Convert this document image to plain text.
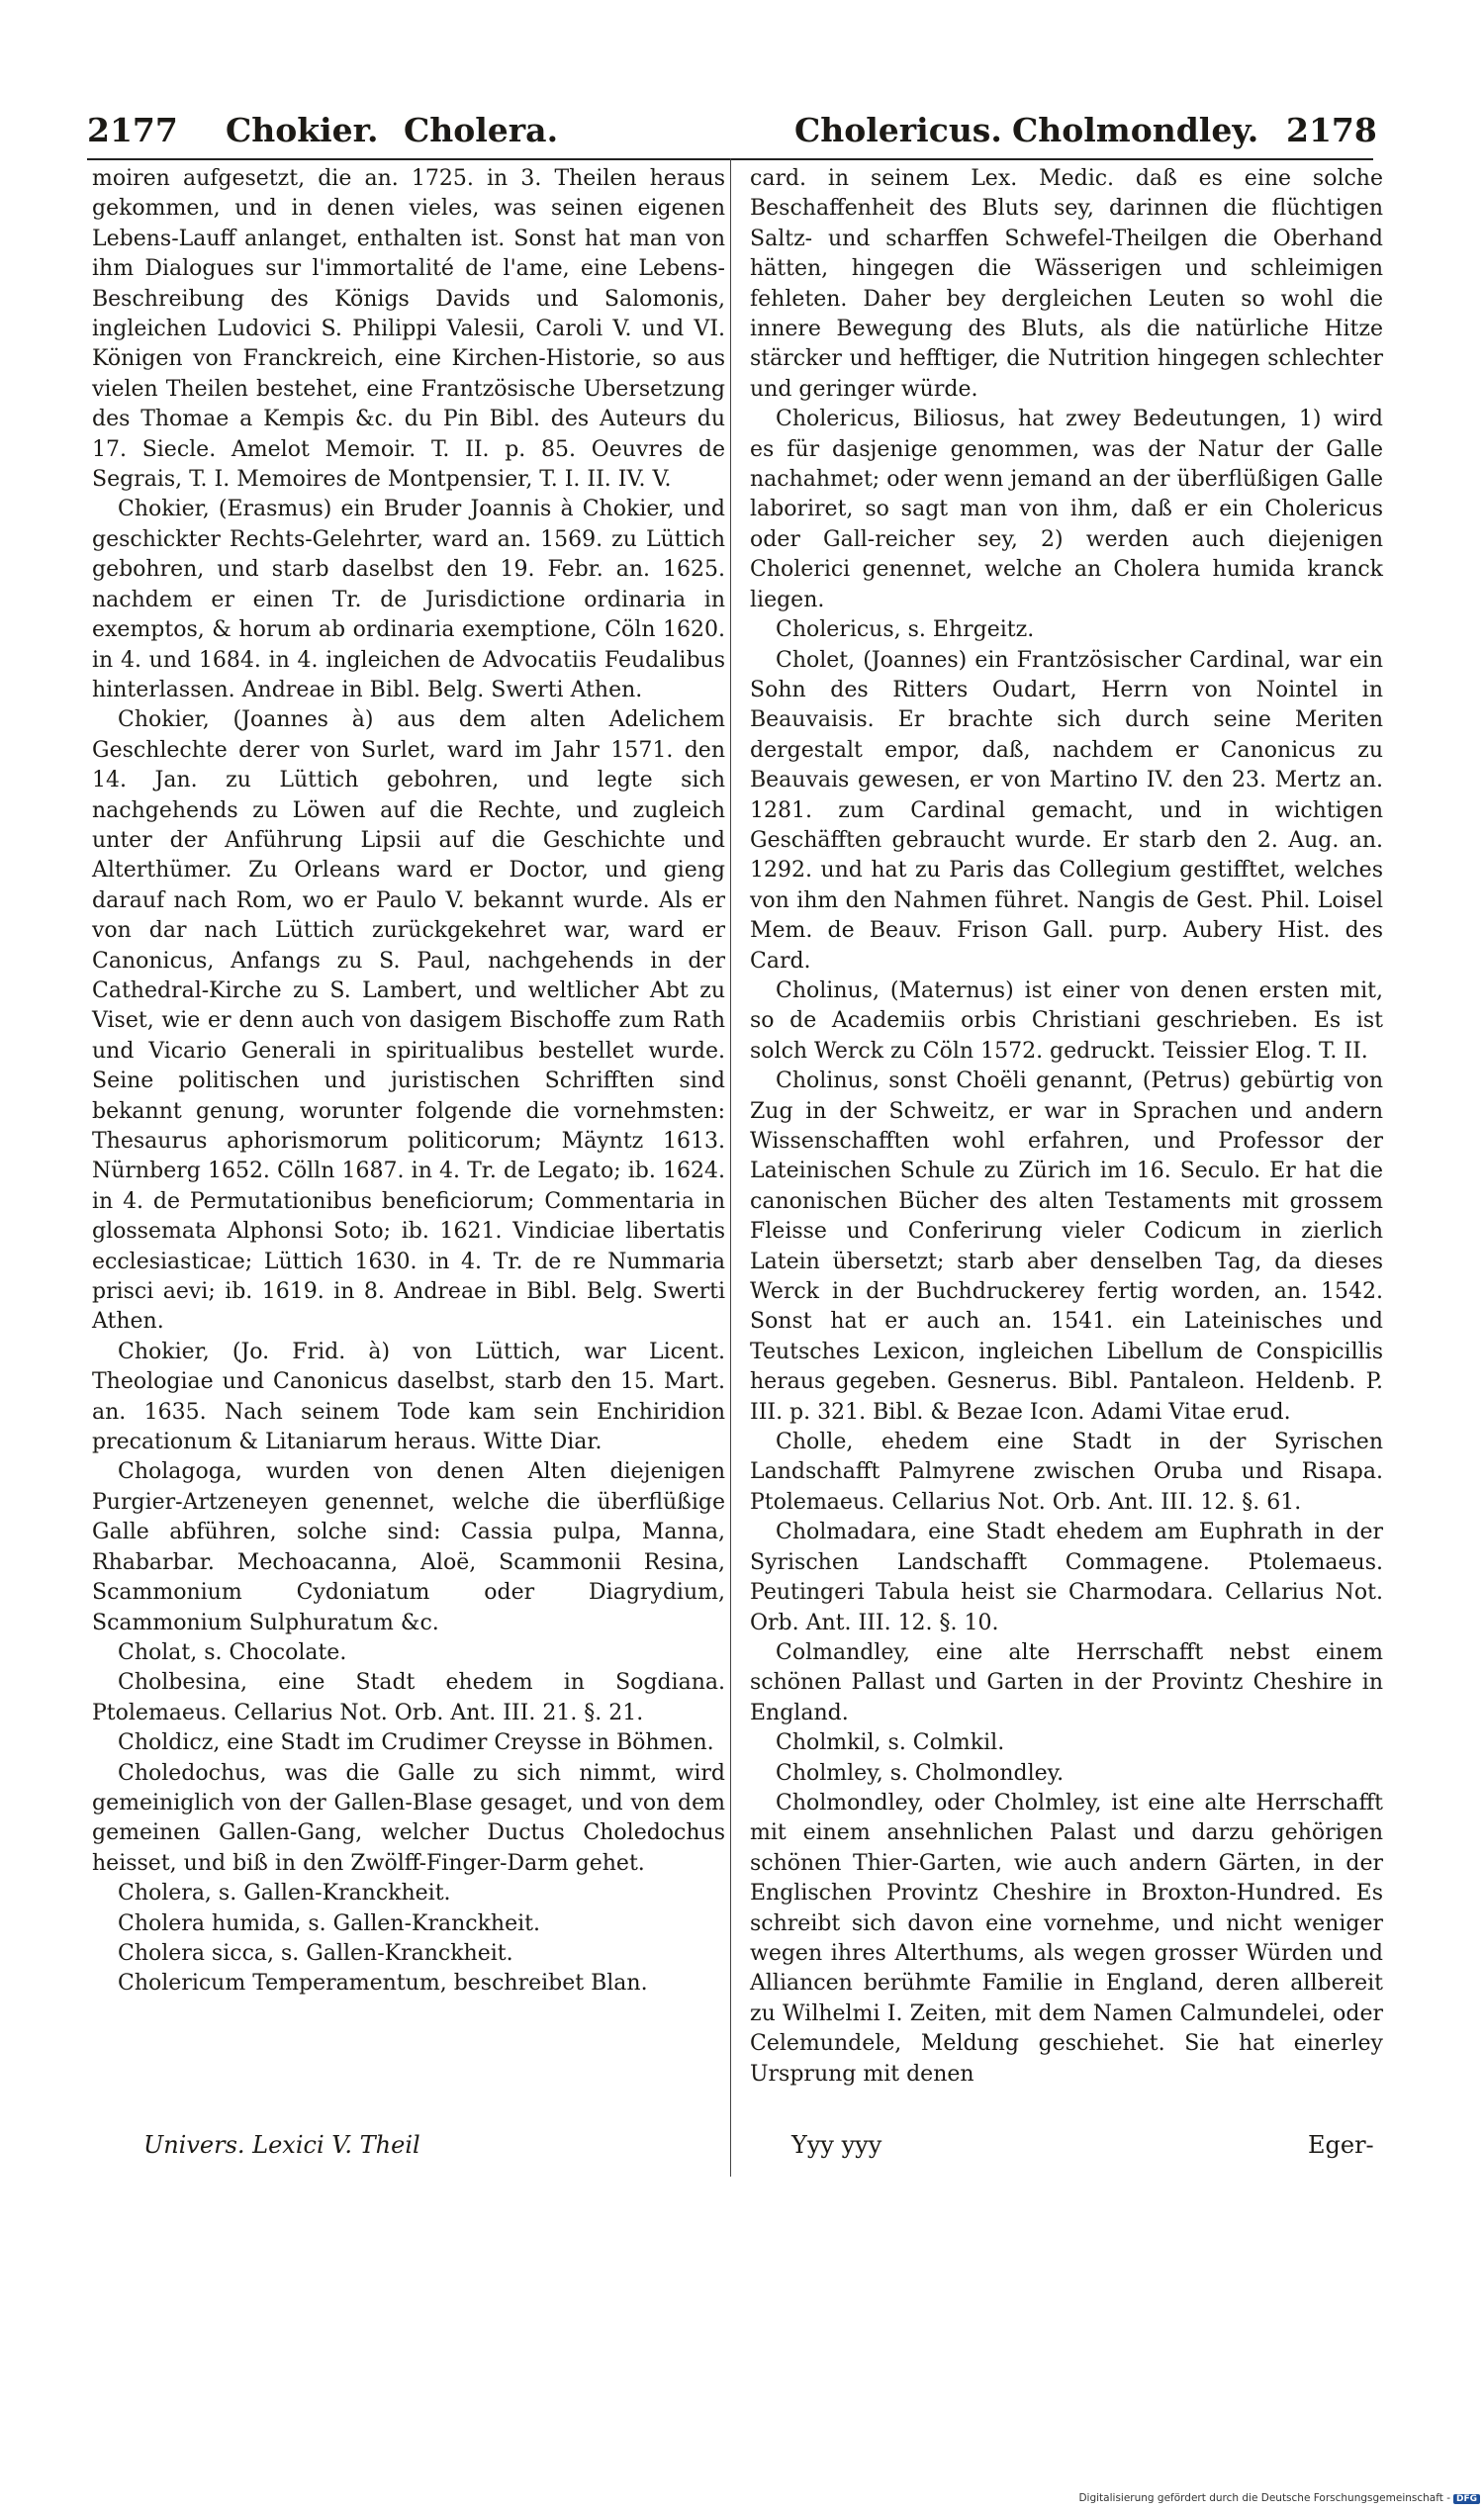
2177 Chokier. Cholera.	Cholericus. Cholmondley. 2178

moiren aufgesetzt, die an. 1725. in 3. Theilen heraus gekommen, und in denen vieles, was seinen eigenen Lebens-Lauff anlanget, enthalten ist. Sonst hat man von ihm Dialogues sur l'immortalité de l'ame, eine Lebens-Beschreibung des Königs Davids und Salomonis, ingleichen Ludovici S. Philippi Valesii, Caroli V. und VI. Königen von Franckreich, eine Kirchen-Historie, so aus vielen Theilen bestehet, eine Frantzösische Ubersetzung des Thomae a Kempis &c. du Pin Bibl. des Auteurs du 17. Siecle. Amelot Memoir. T. II. p. 85. Oeuvres de Segrais, T. I. Memoires de Montpensier, T. I. II. IV. V.

Chokier, (Erasmus) ein Bruder Joannis à Chokier, und geschickter Rechts-Gelehrter, ward an. 1569. zu Lüttich gebohren, und starb daselbst den 19. Febr. an. 1625. nachdem er einen Tr. de Jurisdictione ordinaria in exemptos, & horum ab ordinaria exemptione, Cöln 1620. in 4. und 1684. in 4. ingleichen de Advocatiis Feudalibus hinterlassen. Andreae in Bibl. Belg. Swerti Athen.

Chokier, (Joannes à) aus dem alten Adelichem Geschlechte derer von Surlet, ward im Jahr 1571. den 14. Jan. zu Lüttich gebohren, und legte sich nachgehends zu Löwen auf die Rechte, und zugleich unter der Anführung Lipsii auf die Geschichte und Alterthümer. Zu Orleans ward er Doctor, und gieng darauf nach Rom, wo er Paulo V. bekannt wurde. Als er von dar nach Lüttich zurückgekehret war, ward er Canonicus, Anfangs zu S. Paul, nachgehends in der Cathedral-Kirche zu S. Lambert, und weltlicher Abt zu Viset, wie er denn auch von dasigem Bischoffe zum Rath und Vicario Generali in spiritualibus bestellet wurde. Seine politischen und juristischen Schrifften sind bekannt genung, worunter folgende die vornehmsten: Thesaurus aphorismorum politicorum; Mäyntz 1613. Nürnberg 1652. Cölln 1687. in 4. Tr. de Legato; ib. 1624. in 4. de Permutationibus beneficiorum; Commentaria in glossemata Alphonsi Soto; ib. 1621. Vindiciae libertatis ecclesiasticae; Lüttich 1630. in 4. Tr. de re Nummaria prisci aevi; ib. 1619. in 8. Andreae in Bibl. Belg. Swerti Athen.

Chokier, (Jo. Frid. à) von Lüttich, war Licent. Theologiae und Canonicus daselbst, starb den 15. Mart. an. 1635. Nach seinem Tode kam sein Enchiridion precationum & Litaniarum heraus. Witte Diar.

Cholagoga, wurden von denen Alten diejenigen Purgier-Artzeneyen genennet, welche die überflüßige Galle abführen, solche sind: Cassia pulpa, Manna, Rhabarbar. Mechoacanna, Aloë, Scammonii Resina, Scammonium Cydoniatum oder Diagrydium, Scammonium Sulphuratum &c.

Cholat, s. Chocolate.

Cholbesina, eine Stadt ehedem in Sogdiana. Ptolemaeus. Cellarius Not. Orb. Ant. III. 21. §. 21.

Choldicz, eine Stadt im Crudimer Creysse in Böhmen.

Choledochus, was die Galle zu sich nimmt, wird gemeiniglich von der Gallen-Blase gesaget, und von dem gemeinen Gallen-Gang, welcher Ductus Choledochus heisset, und biß in den Zwölff-Finger-Darm gehet.

Cholera, s. Gallen-Kranckheit.

Cholera humida, s. Gallen-Kranckheit.

Cholera sicca, s. Gallen-Kranckheit.

Cholericum Temperamentum, beschreibet Blan.

card. in seinem Lex. Medic. daß es eine solche Beschaffenheit des Bluts sey, darinnen die flüchtigen Saltz- und scharffen Schwefel-Theilgen die Oberhand hätten, hingegen die Wässerigen und schleimigen fehleten. Daher bey dergleichen Leuten so wohl die innere Bewegung des Bluts, als die natürliche Hitze stärcker und hefftiger, die Nutrition hingegen schlechter und geringer würde.

Cholericus, Biliosus, hat zwey Bedeutungen, 1) wird es für dasjenige genommen, was der Natur der Galle nachahmet; oder wenn jemand an der überflüßigen Galle laboriret, so sagt man von ihm, daß er ein Cholericus oder Gall-reicher sey, 2) werden auch diejenigen Cholerici genennet, welche an Cholera humida kranck liegen.

Cholericus, s. Ehrgeitz.

Cholet, (Joannes) ein Frantzösischer Cardinal, war ein Sohn des Ritters Oudart, Herrn von Nointel in Beauvaisis. Er brachte sich durch seine Meriten dergestalt empor, daß, nachdem er Canonicus zu Beauvais gewesen, er von Martino IV. den 23. Mertz an. 1281. zum Cardinal gemacht, und in wichtigen Geschäfften gebraucht wurde. Er starb den 2. Aug. an. 1292. und hat zu Paris das Collegium gestifftet, welches von ihm den Nahmen führet. Nangis de Gest. Phil. Loisel Mem. de Beauv. Frison Gall. purp. Aubery Hist. des Card.

Cholinus, (Maternus) ist einer von denen ersten mit, so de Academiis orbis Christiani geschrieben. Es ist solch Werck zu Cöln 1572. gedruckt. Teissier Elog. T. II.

Cholinus, sonst Choëli genannt, (Petrus) gebürtig von Zug in der Schweitz, er war in Sprachen und andern Wissenschafften wohl erfahren, und Professor der Lateinischen Schule zu Zürich im 16. Seculo. Er hat die canonischen Bücher des alten Testaments mit grossem Fleisse und Conferirung vieler Codicum in zierlich Latein übersetzt; starb aber denselben Tag, da dieses Werck in der Buchdruckerey fertig worden, an. 1542. Sonst hat er auch an. 1541. ein Lateinisches und Teutsches Lexicon, ingleichen Libellum de Conspicillis heraus gegeben. Gesnerus. Bibl. Pantaleon. Heldenb. P. III. p. 321. Bibl. & Bezae Icon. Adami Vitae erud.

Cholle, ehedem eine Stadt in der Syrischen Landschafft Palmyrene zwischen Oruba und Risapa. Ptolemaeus. Cellarius Not. Orb. Ant. III. 12. §. 61.

Cholmadara, eine Stadt ehedem am Euphrath in der Syrischen Landschafft Commagene. Ptolemaeus. Peutingeri Tabula heist sie Charmodara. Cellarius Not. Orb. Ant. III. 12. §. 10.

Colmandley, eine alte Herrschafft nebst einem schönen Pallast und Garten in der Provintz Cheshire in England.

Cholmkil, s. Colmkil.

Cholmley, s. Cholmondley.

Cholmondley, oder Cholmley, ist eine alte Herrschafft mit einem ansehnlichen Palast und darzu gehörigen schönen Thier-Garten, wie auch andern Gärten, in der Englischen Provintz Cheshire in Broxton-Hundred. Es schreibt sich davon eine vornehme, und nicht weniger wegen ihres Alterthums, als wegen grosser Würden und Alliancen berühmte Familie in England, deren allbereit zu Wilhelmi I. Zeiten, mit dem Namen Calmundelei, oder Celemundele, Meldung geschiehet. Sie hat einerley Ursprung mit denen

Univers. Lexici V. Theil	Yyy yyy	Eger-
Digitalisierung gefördert durch die Deutsche Forschungsgemeinschaft - DFG
